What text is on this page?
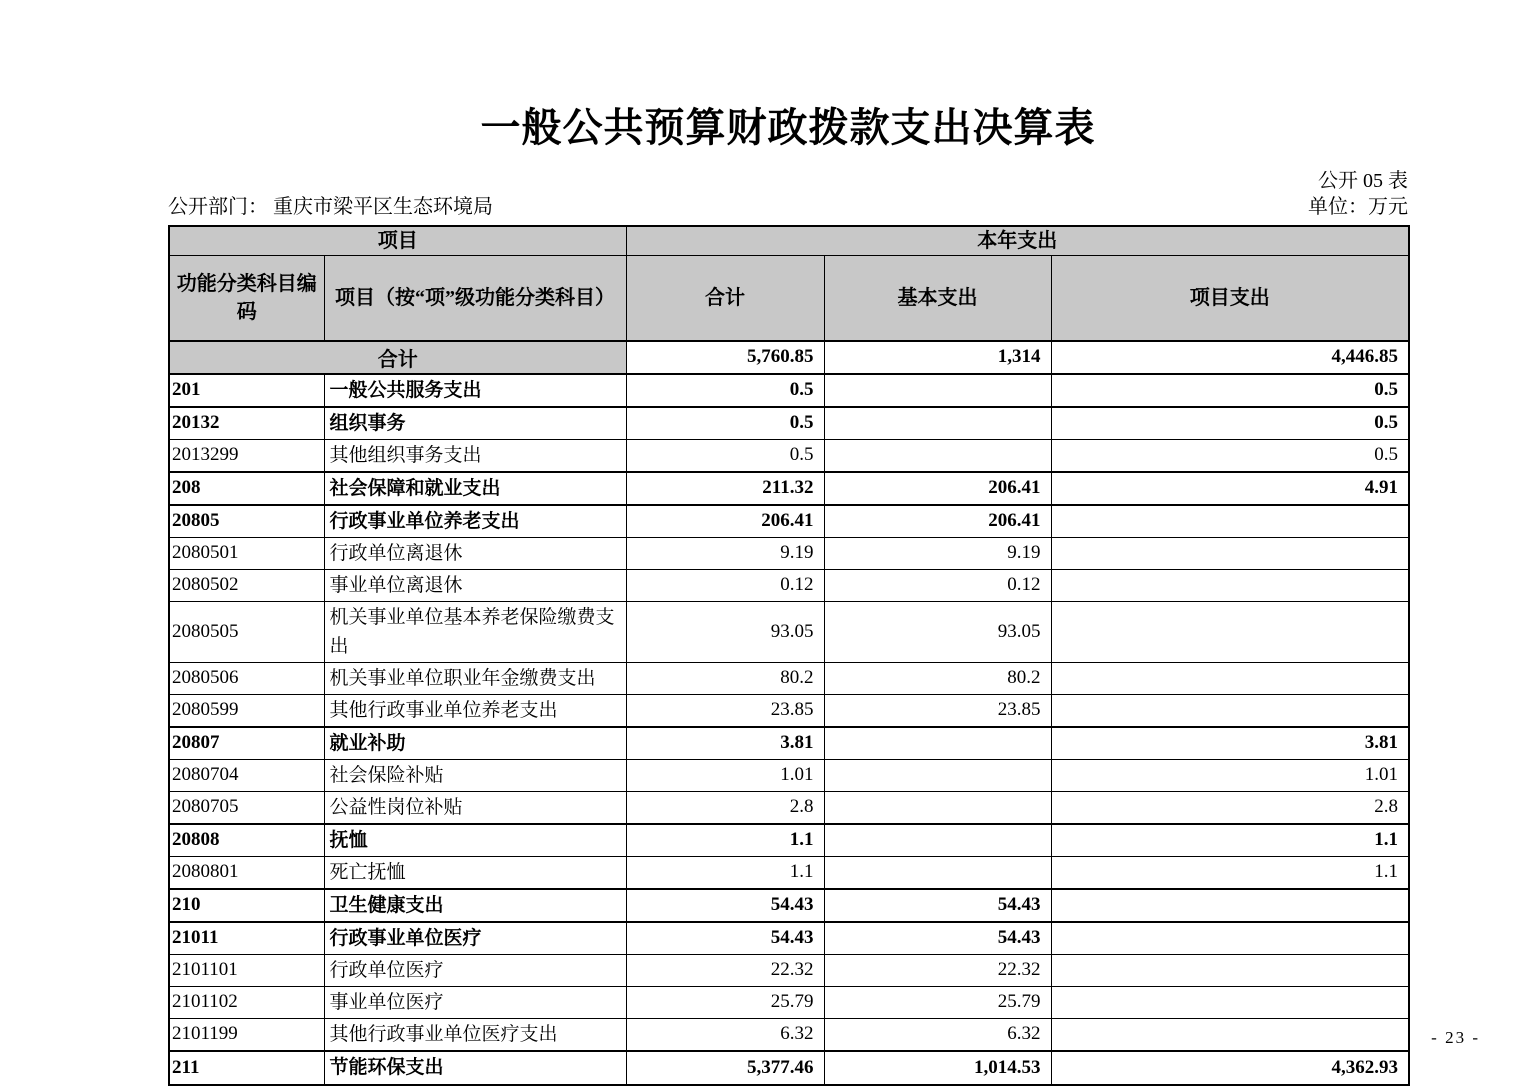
一般公共预算财政拨款支出决算表
公开 05 表
公开部门： 重庆市梁平区生态环境局	单位：万元
项目		本年支出		
功能分类科目编码	项目（按“项”级功能分类科目）	合计	基本支出	项目支出
合计		5,760.85	1,314	4,446.85
201	一般公共服务支出	0.5		0.5
20132	组织事务	0.5		0.5
2013299	其他组织事务支出	0.5		0.5
208	社会保障和就业支出	211.32	206.41	4.91
20805	行政事业单位养老支出	206.41	206.41	
2080501	行政单位离退休	9.19	9.19	
2080502	事业单位离退休	0.12	0.12	
2080505	机关事业单位基本养老保险缴费支出	93.05	93.05	
2080506	机关事业单位职业年金缴费支出	80.2	80.2	
2080599	其他行政事业单位养老支出	23.85	23.85	
20807	就业补助	3.81		3.81
2080704	社会保险补贴	1.01		1.01
2080705	公益性岗位补贴	2.8		2.8
20808	抚恤	1.1		1.1
2080801	死亡抚恤	1.1		1.1
210	卫生健康支出	54.43	54.43	
21011	行政事业单位医疗	54.43	54.43	
2101101	行政单位医疗	22.32	22.32	
2101102	事业单位医疗	25.79	25.79	
2101199	其他行政事业单位医疗支出	6.32	6.32	
211	节能环保支出	5,377.46	1,014.53	4,362.93
- 23 -
